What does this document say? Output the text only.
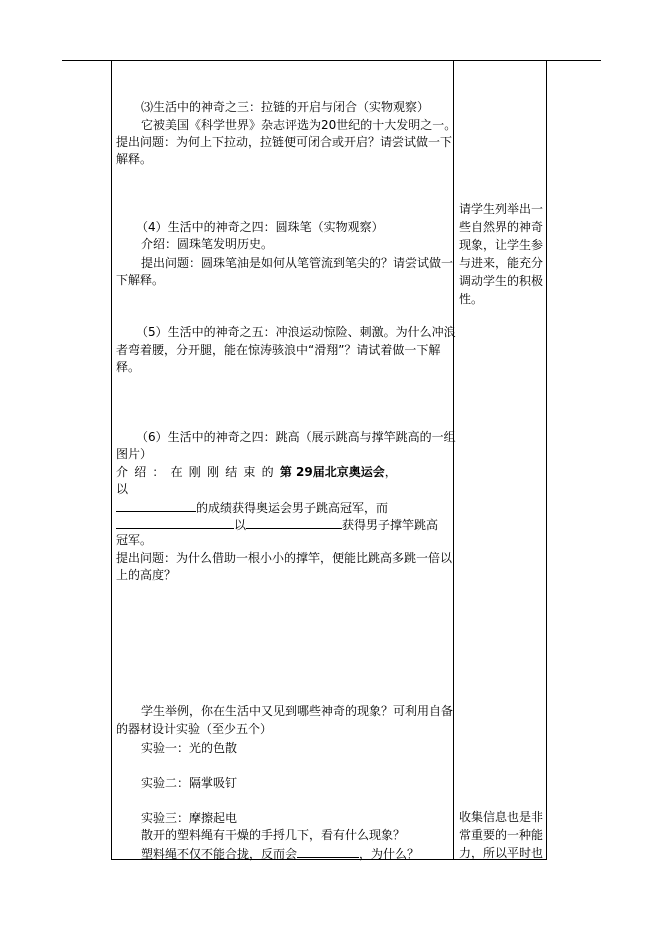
⑶生活中的神奇之三：拉链的开启与闭合（实物观察）
它被美国《科学世界》杂志评选为20世纪的十大发明之一。
提出问题：为何上下拉动，拉链便可闭合或开启？请尝试做一下
解释。
（4）生活中的神奇之四：圆珠笔（实物观察）
介绍：圆珠笔发明历史。
提出问题：圆珠笔油是如何从笔管流到笔尖的？请尝试做一
下解释。
（5）生活中的神奇之五：冲浪运动惊险、刺激。为什么冲浪
者弯着腰，分开腿，能在惊涛骇浪中“滑翔”？请试着做一下解
释。
（6）生活中的神奇之四：跳高（展示跳高与撑竿跳高的一组
图片）
介绍：在刚刚结束的第 29届北京奥运会，
以
的成绩获得奥运会男子跳高冠军，而
以	获得男子撑竿跳高
冠军。
提出问题：为什么借助一根小小的撑竿，便能比跳高多跳一倍以
上的高度？
学生举例，你在生活中又见到哪些神奇的现象？可利用自备
的器材设计实验（至少五个）
实验一：光的色散
实验二：隔掌吸钉
实验三：摩擦起电
散开的塑料绳有干燥的手捋几下，看有什么现象？
塑料绳不仅不能合拢，反而会	，为什么？
请学生列举出一
些自然界的神奇
现象，让学生参
与进来，能充分
调动学生的积极
性。
收集信息也是非
常重要的一种能
力，所以平时也
